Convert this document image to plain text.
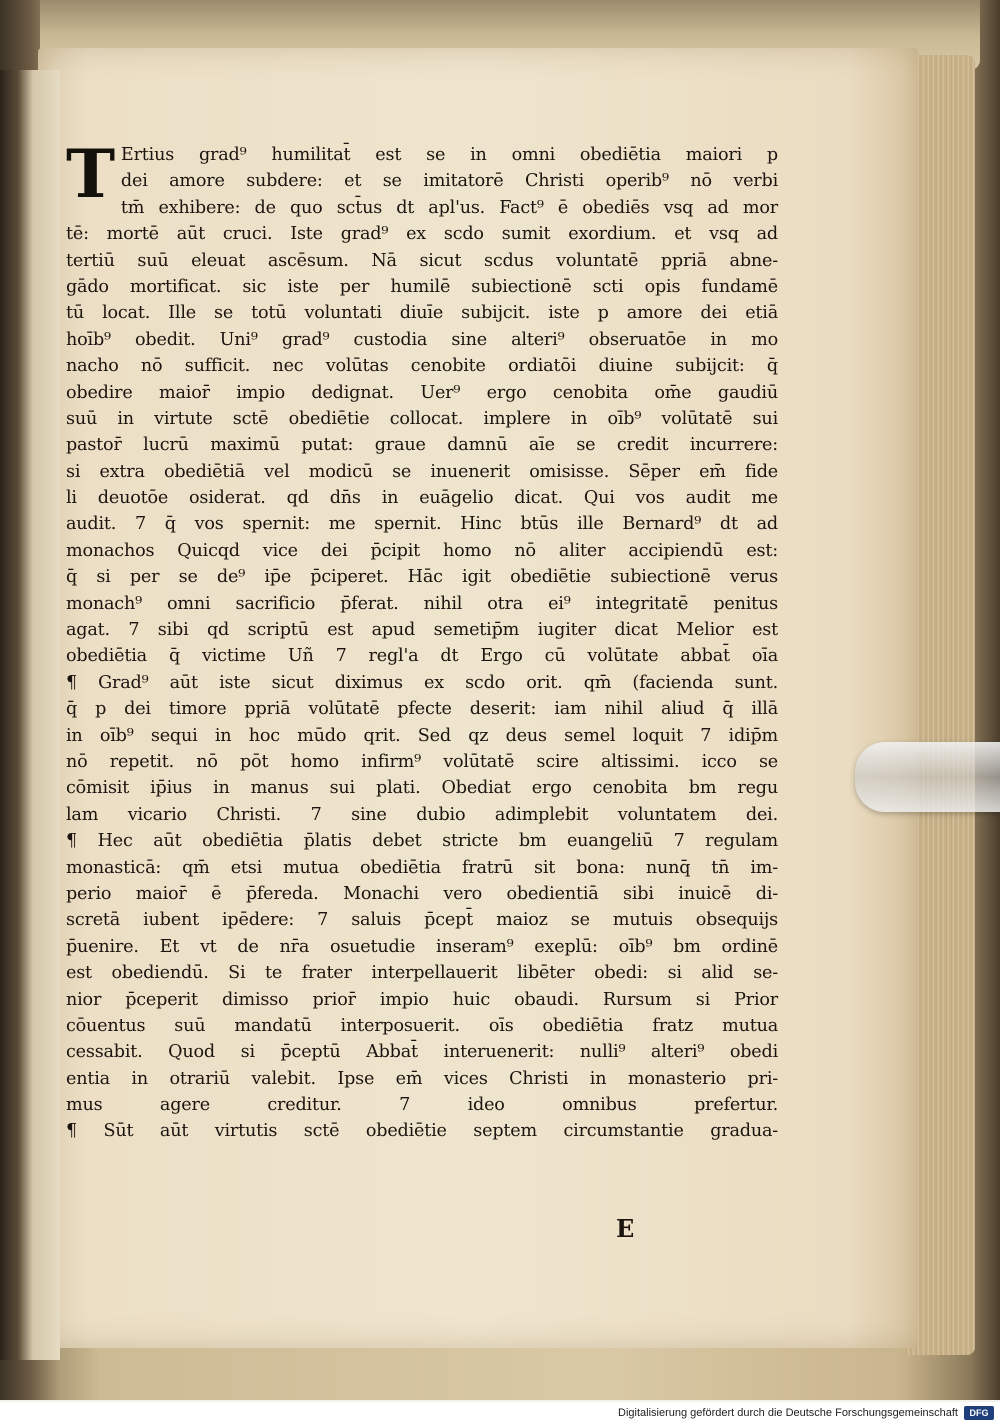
T Ertius grad⁹ humilitat̄ est se in omni obediētia maiori p
dei amore subdere: et se imitatorē Christi operib⁹ nō verbi
tm̄ exhibere: de quo sct̄us dt apl'us. Fact⁹ ē obediēs vsq ad mor
tē: mortē aūt cruci. Iste grad⁹ ex scdo sumit exordium. et vsq ad
tertiū suū eleuat ascēsum. Nā sicut scdus voluntatē ppriā abne-
gādo mortificat. sic iste per humilē subiectionē scti opis fundamē
tū locat. Ille se totū voluntati diuīe subijcit. iste p amore dei etiā
hoīb⁹ obedit. Uni⁹ grad⁹ custodia sine alteri⁹ obseruatōe in mo
nacho nō sufficit. nec volūtas cenobite ordiatōi diuine subijcit: q̄
obedire maior̄ impio dedignat. Uer⁹ ergo cenobita om̄e gaudiū
suū in virtute sctē obediētie collocat. implere in oīb⁹ volūtatē sui
pastor̄ lucrū maximū putat: graue damnū aīe se credit incurrere:
si extra obediētiā vel modicū se inuenerit omisisse. Sēper em̄ fide
li deuotōe osiderat. qd dn̄s in euāgelio dicat. Qui vos audit me
audit. 7 q̄ vos spernit: me spernit. Hinc btūs ille Bernard⁹ dt ad
monachos Quicqd vice dei p̄cipit homo nō aliter accipiendū est:
q̄ si per se de⁹ ip̄e p̄ciperet. Hāc igit obediētie subiectionē verus
monach⁹ omni sacrificio p̄ferat. nihil otra ei⁹ integritatē penitus
agat. 7 sibi qd scriptū est apud semetip̄m iugiter dicat Melior est
obediētia q̄ victime Uñ 7 regl'a dt Ergo cū volūtate abbat̄ oīa
¶ Grad⁹ aūt iste sicut diximus ex scdo orit. qm̄ (facienda sunt.
q̄ p dei timore ppriā volūtatē pfecte deserit: iam nihil aliud q̄ illā
in oīb⁹ sequi in hoc mūdo qrit. Sed qz deus semel loquit 7 idip̄m
nō repetit. nō pōt homo infirm⁹ volūtatē scire altissimi. icco se
cōmisit ip̄ius in manus sui plati. Obediat ergo cenobita bm regu
lam vicario Christi. 7 sine dubio adimplebit voluntatem dei.
¶ Hec aūt obediētia p̄latis debet stricte bm euangeliū 7 regulam
monasticā: qm̄ etsi mutua obediētia fratrū sit bona: nunq̄ tn̄ im-
perio maior̄ ē p̄fereda. Monachi vero obedientiā sibi inuicē di-
scretā iubent ipēdere: 7 saluis p̄cept̄ maioz se mutuis obsequijs
p̄uenire. Et vt de nr̄a osuetudie inseram⁹ exeplū: oīb⁹ bm ordinē
est obediendū. Si te frater interpellauerit libēter obedi: si alid se-
nior p̄ceperit dimisso prior̄ impio huic obaudi. Rursum si Prior
cōuentus suū mandatū interposuerit. oīs obediētia fratz mutua
cessabit. Quod si p̄ceptū Abbat̄ interuenerit: nulli⁹ alteri⁹ obedi
entia in otrariū valebit. Ipse em̄ vices Christi in monasterio pri-
mus agere creditur. 7 ideo omnibus prefertur.
¶ Sūt aūt virtutis sctē obediētie septem circumstantie gradua-
E
Digitalisierung gefördert durch die Deutsche Forschungsgemeinschaft	DFG
